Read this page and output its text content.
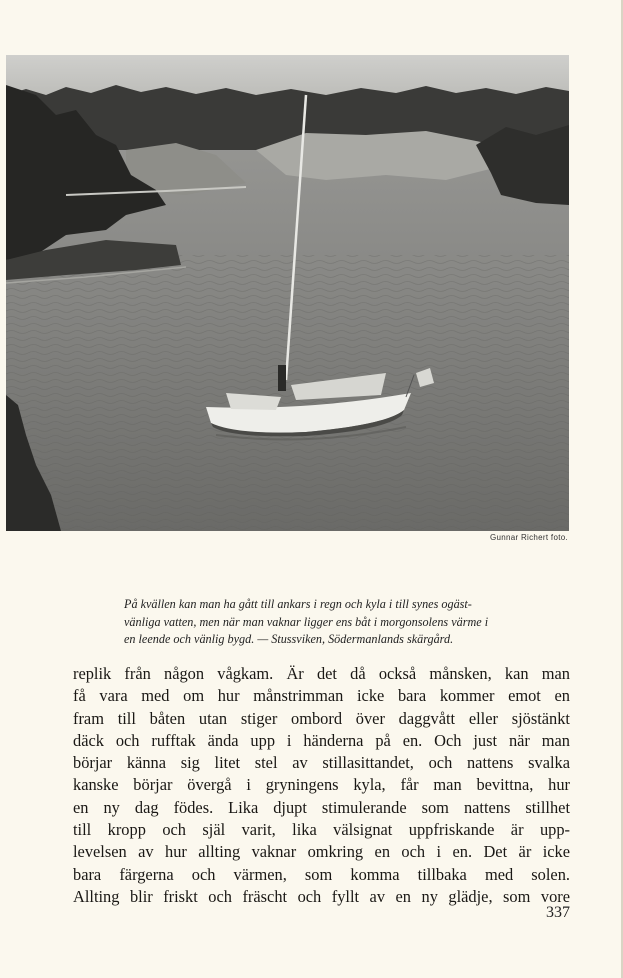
Gunnar Richert foto.
På kvällen kan man ha gått till ankars i regn och kyla i till synes ogäst-
vänliga vatten, men när man vaknar ligger ens båt i morgonsolens värme i
en leende och vänlig bygd. — Stussviken, Södermanlands skärgård.
replik från någon vågkam. Är det då också månsken, kan man
få vara med om hur månstrimman icke bara kommer emot en
fram till båten utan stiger ombord över daggvått eller sjöstänkt
däck och rufftak ända upp i händerna på en. Och just när man
börjar känna sig litet stel av stillasittandet, och nattens svalka
kanske börjar övergå i gryningens kyla, får man bevittna, hur
en ny dag födes. Lika djupt stimulerande som nattens stillhet
till kropp och själ varit, lika välsignat uppfriskande är upp-
levelsen av hur allting vaknar omkring en och i en. Det är icke
bara färgerna och värmen, som komma tillbaka med solen.
Allting blir friskt och fräscht och fyllt av en ny glädje, som vore
337
